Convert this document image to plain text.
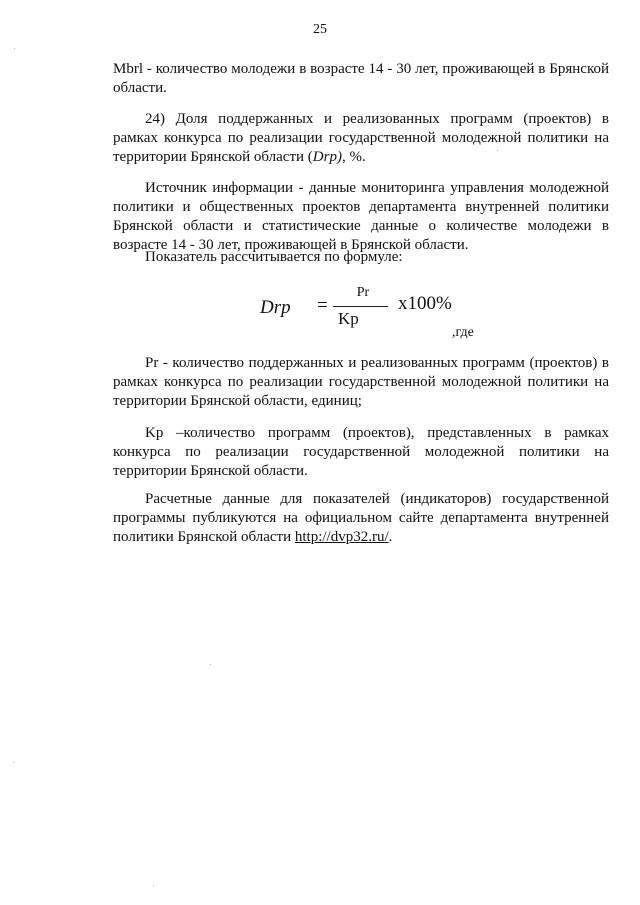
25

Mbrl - количество молодежи в возрасте 14 - 30 лет, проживающей в Брянской области.

24) Доля поддержанных и реализованных программ (проектов) в рамках конкурса по реализации государственной молодежной политики на территории Брянской области (Drp), %.

Источник информации - данные мониторинга управления молодежной политики и общественных проектов департамента внутренней политики Брянской области и статистические данные о количестве молодежи в возрасте 14 - 30 лет, проживающей в Брянской области.

Показатель рассчитывается по формуле:

Drp =
Pr
Kp
x100%
,где

Pr - количество поддержанных и реализованных программ (проектов) в рамках конкурса по реализации государственной молодежной политики на территории Брянской области, единиц;

Kp –количество программ (проектов), представленных в рамках конкурса по реализации государственной молодежной политики на территории Брянской области.

Расчетные данные для показателей (индикаторов) государственной программы публикуются на официальном сайте департамента внутренней политики Брянской области http://dvp32.ru/.
